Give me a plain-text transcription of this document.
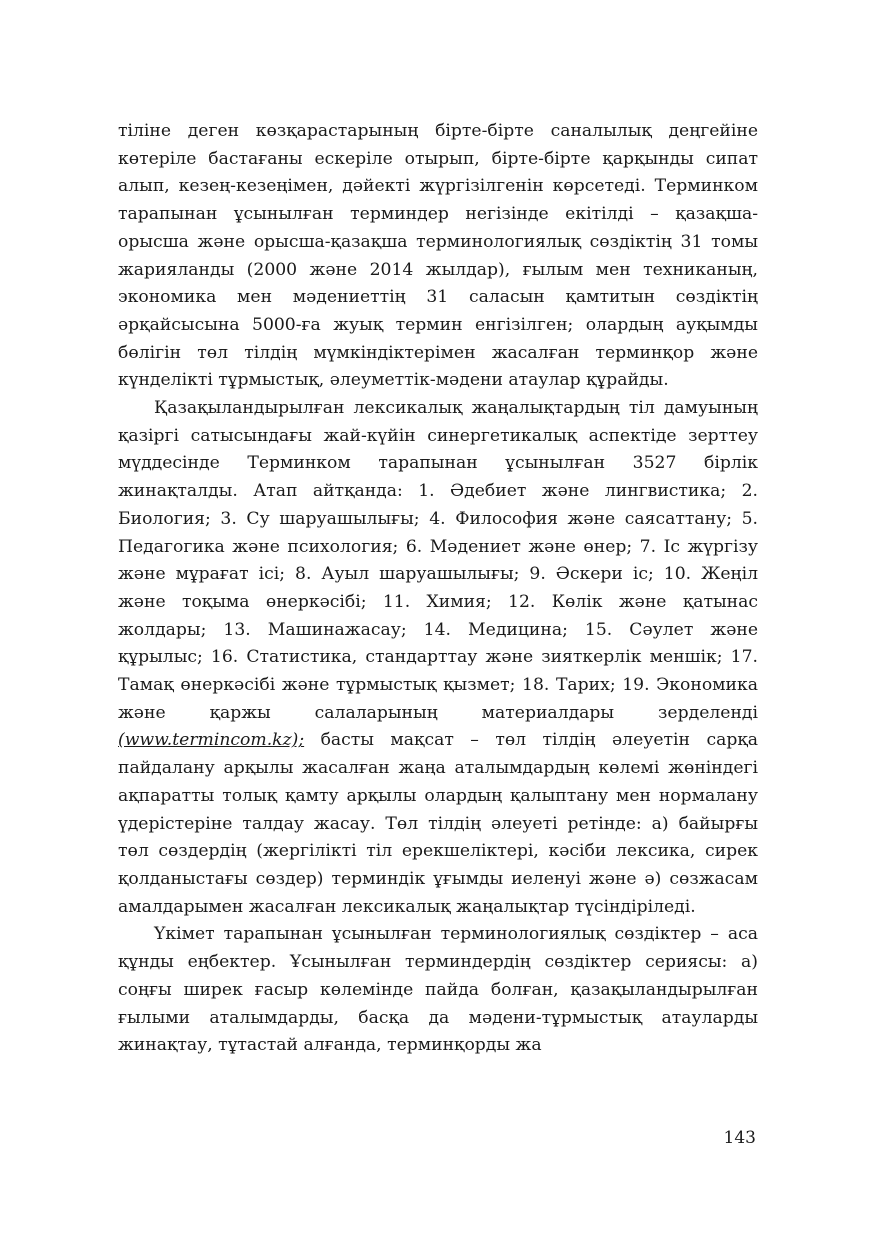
тіліне деген көзқарастарының бірте-бірте саналылық деңгейіне көтеріле бастағаны ескеріле отырып, бірте-бірте қарқынды сипат алып, кезең-кезеңімен, дәйекті жүргізілгенін көрсетеді. Терминком тарапынан ұсынылған терминдер негізінде екітілді – қазақша-орысша және орысша-қазақша терминологиялық сөздіктің 31 томы жарияланды (2000 және 2014 жылдар), ғылым мен техниканың, экономика мен мәдениеттің 31 саласын қамтитын сөздіктің әрқайсысына 5000-ға жуық термин енгізілген; олардың ауқымды бөлігін төл тілдің мүмкіндіктерімен жасалған терминқор және күнделікті тұрмыстық, әлеуметтік-мәдени атаулар құрайды.

Қазақыландырылған лексикалық жаңалықтардың тіл дамуының қазіргі сатысындағы жай-күйін синергетикалық аспектіде зерттеу мүддесінде Терминком тарапынан ұсынылған 3527 бірлік жинақталды. Атап айтқанда: 1. Әдебиет және лингвистика; 2. Биология; 3. Су шаруашылығы; 4. Философия және саясаттану; 5. Педагогика және психология; 6. Мәдениет және өнер; 7. Іс жүргізу және мұрағат ісі; 8. Ауыл шаруашылығы; 9. Әскери іс; 10. Жеңіл және тоқыма өнеркәсібі; 11. Химия; 12. Көлік және қатынас жолдары; 13. Машинажасау; 14. Медицина; 15. Сәулет және құрылыс; 16. Статистика, стандарттау және зияткерлік меншік; 17. Тамақ өнеркәсібі және тұрмыстық қызмет; 18. Тарих; 19. Экономика және қаржы салаларының материалдары зерделенді (www.termincom.kz); басты мақсат – төл тілдің әлеуетін сарқа пайдалану арқылы жасалған жаңа аталымдардың көлемі жөніндегі ақпаратты толық қамту арқылы олардың қалыптану мен нормалану үдерістеріне талдау жасау. Төл тілдің әлеуеті ретінде: а) байырғы төл сөздердің (жергілікті тіл ерекшеліктері, кәсіби лексика, сирек қолданыстағы сөздер) терминдік ұғымды иеленуі және ә) сөзжасам амалдарымен жасалған лексикалық жаңалықтар түсіндіріледі.

Үкімет тарапынан ұсынылған терминологиялық сөздіктер – аса құнды еңбектер. Ұсынылған терминдердің сөздіктер сериясы: а) соңғы ширек ғасыр көлемінде пайда болған, қазақыландырылған ғылыми аталымдарды, басқа да мәдени-тұрмыстық атауларды жинақтау, тұтастай алғанда, терминқорды жа

143
